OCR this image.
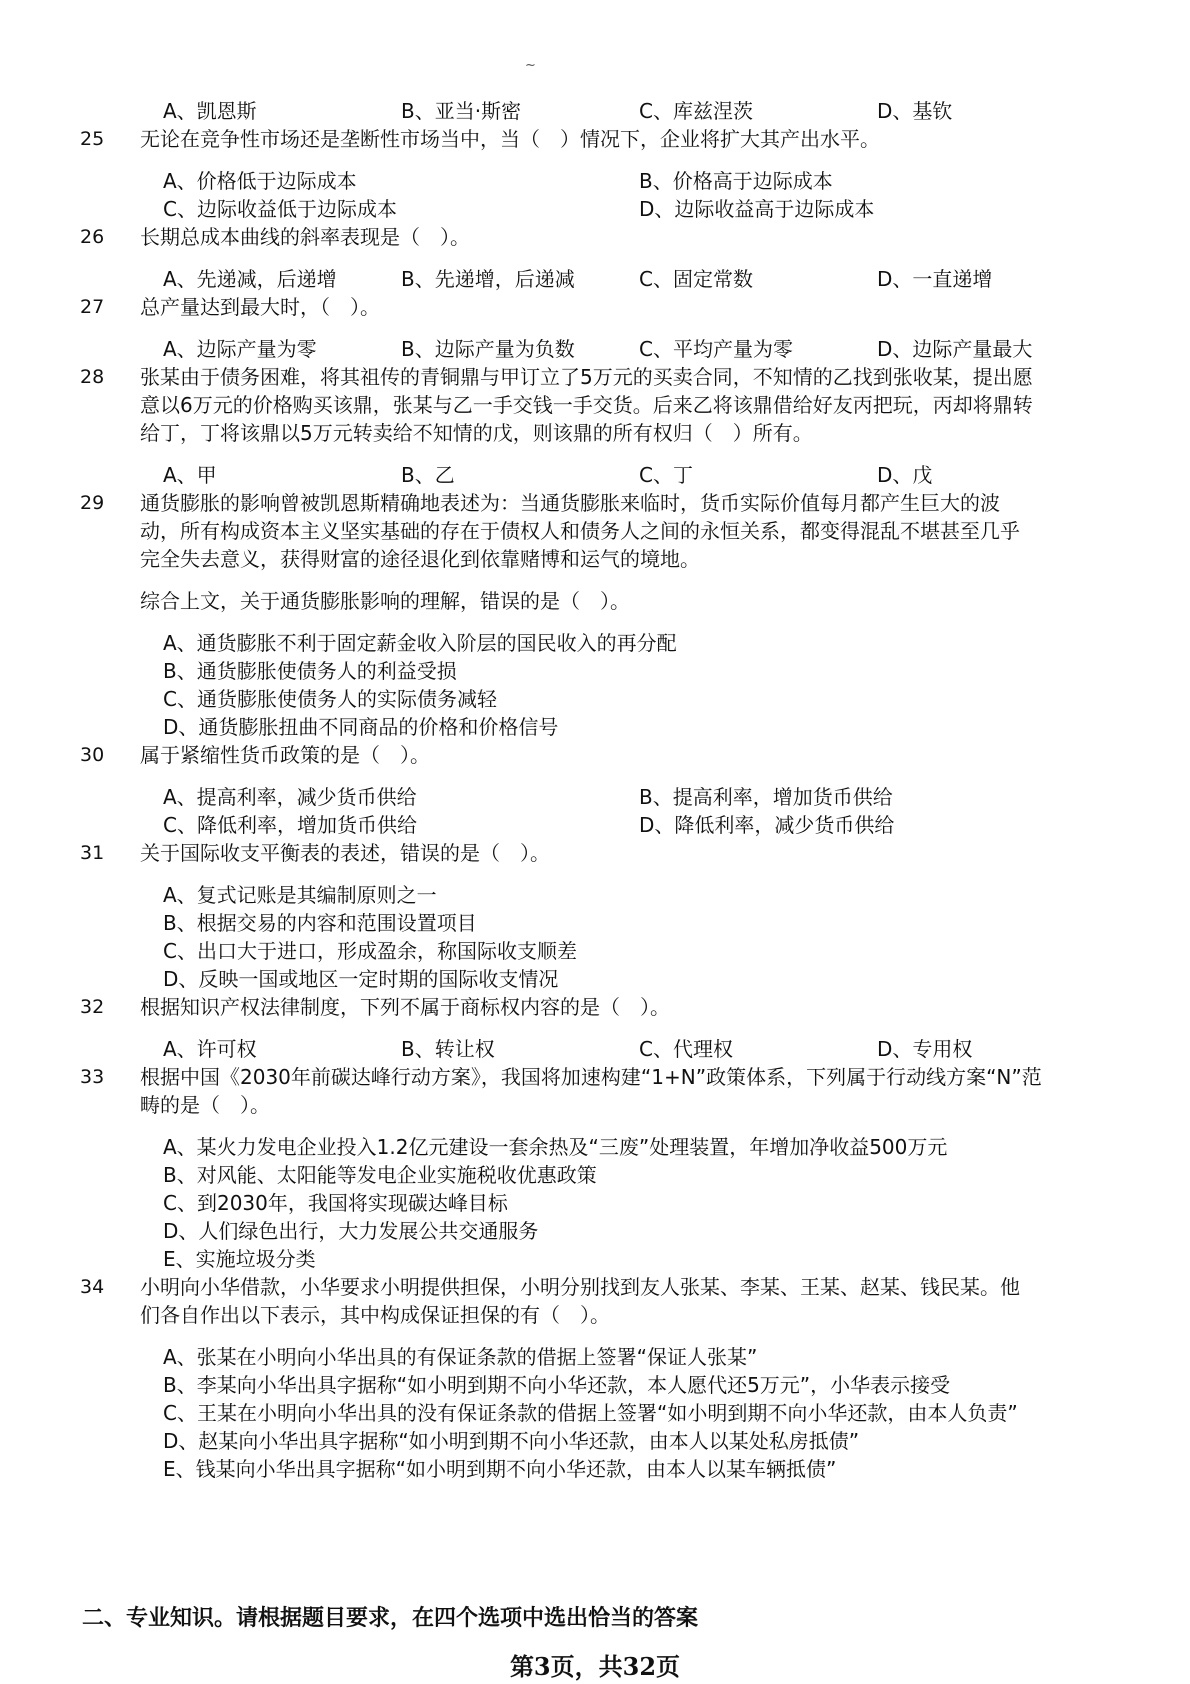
~
A、凯恩斯	B、亚当·斯密	C、库兹涅茨	D、基钦
25 无论在竞争性市场还是垄断性市场当中，当（　）情况下，企业将扩大其产出水平。
A、价格低于边际成本	B、价格高于边际成本
C、边际收益低于边际成本	D、边际收益高于边际成本
26 长期总成本曲线的斜率表现是（　）。
A、先递减，后递增	B、先递增，后递减	C、固定常数	D、一直递增
27 总产量达到最大时，（　）。
A、边际产量为零	B、边际产量为负数	C、平均产量为零	D、边际产量最大
28 张某由于债务困难，将其祖传的青铜鼎与甲订立了5万元的买卖合同，不知情的乙找到张收某，提出愿
意以6万元的价格购买该鼎，张某与乙一手交钱一手交货。后来乙将该鼎借给好友丙把玩，丙却将鼎转
给丁，丁将该鼎以5万元转卖给不知情的戊，则该鼎的所有权归（　）所有。
A、甲	B、乙	C、丁	D、戊
29 通货膨胀的影响曾被凯恩斯精确地表述为：当通货膨胀来临时，货币实际价值每月都产生巨大的波
动，所有构成资本主义坚实基础的存在于债权人和债务人之间的永恒关系，都变得混乱不堪甚至几乎
完全失去意义，获得财富的途径退化到依靠赌博和运气的境地。
综合上文，关于通货膨胀影响的理解，错误的是（　）。
A、通货膨胀不利于固定薪金收入阶层的国民收入的再分配
B、通货膨胀使债务人的利益受损
C、通货膨胀使债务人的实际债务减轻
D、通货膨胀扭曲不同商品的价格和价格信号
30 属于紧缩性货币政策的是（　）。
A、提高利率，减少货币供给	B、提高利率，增加货币供给
C、降低利率，增加货币供给	D、降低利率，减少货币供给
31 关于国际收支平衡表的表述，错误的是（　）。
A、复式记账是其编制原则之一
B、根据交易的内容和范围设置项目
C、出口大于进口，形成盈余，称国际收支顺差
D、反映一国或地区一定时期的国际收支情况
32 根据知识产权法律制度，下列不属于商标权内容的是（　）。
A、许可权	B、转让权	C、代理权	D、专用权
33 根据中国《2030年前碳达峰行动方案》，我国将加速构建“1+N”政策体系，下列属于行动线方案“N”范
畴的是（　）。
A、某火力发电企业投入1.2亿元建设一套余热及“三废”处理装置，年增加净收益500万元
B、对风能、太阳能等发电企业实施税收优惠政策
C、到2030年，我国将实现碳达峰目标
D、人们绿色出行，大力发展公共交通服务
E、实施垃圾分类
34 小明向小华借款，小华要求小明提供担保，小明分别找到友人张某、李某、王某、赵某、钱民某。他
们各自作出以下表示，其中构成保证担保的有（　）。
A、张某在小明向小华出具的有保证条款的借据上签署“保证人张某”
B、李某向小华出具字据称“如小明到期不向小华还款，本人愿代还5万元”，小华表示接受
C、王某在小明向小华出具的没有保证条款的借据上签署“如小明到期不向小华还款，由本人负责”
D、赵某向小华出具字据称“如小明到期不向小华还款，由本人以某处私房抵债”
E、钱某向小华出具字据称“如小明到期不向小华还款，由本人以某车辆抵债”
二、专业知识。请根据题目要求，在四个选项中选出恰当的答案
第3页，共32页
